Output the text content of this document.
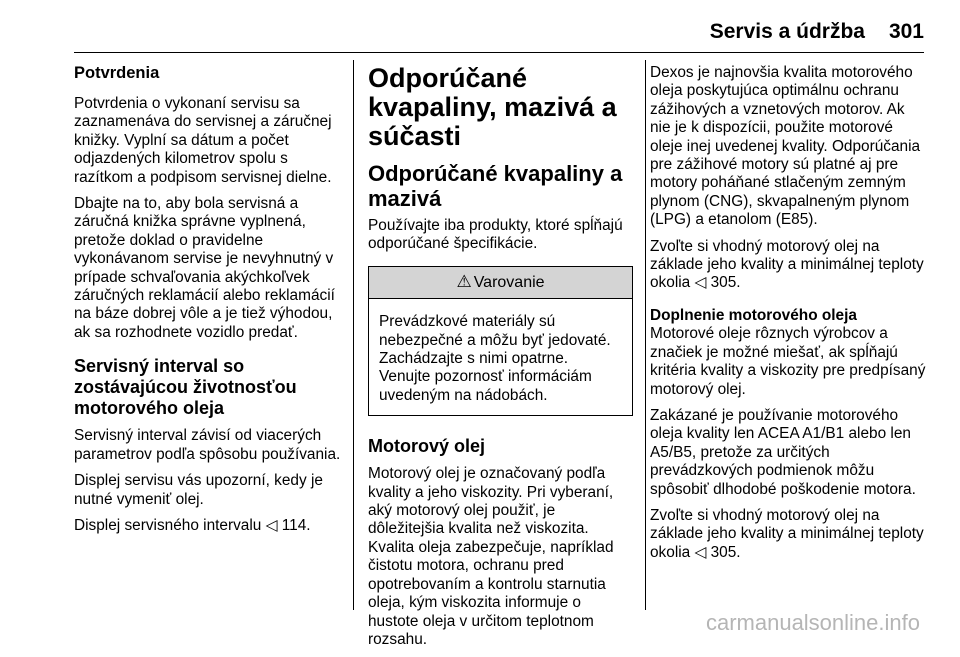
Servis a údržba 301
Potvrdenia

Potvrdenia o vykonaní servisu sa zaznamenáva do servisnej a záručnej knižky. Vyplní sa dátum a počet odjazdených kilometrov spolu s razítkom a podpisom servisnej dielne.

Dbajte na to, aby bola servisná a záručná knižka správne vyplnená, pretože doklad o pravidelne vykonávanom servise je nevyhnutný v prípade schvaľovania akýchkoľvek záručných reklamácií alebo reklamácií na báze dobrej vôle a je tiež výhodou, ak sa rozhodnete vozidlo predať.

Servisný interval so zostávajúcou životnosťou motorového oleja

Servisný interval závisí od viacerých parametrov podľa spôsobu používania.

Displej servisu vás upozorní, kedy je nutné vymeniť olej.

Displej servisného intervalu ◁ 114.

Odporúčané kvapaliny, mazivá a súčasti
Odporúčané kvapaliny a mazivá

Používajte iba produkty, ktoré spĺňajú odporúčané špecifikácie.

⚠ Varovanie
Prevádzkové materiály sú nebezpečné a môžu byť jedovaté. Zachádzajte s nimi opatrne. Venujte pozornosť informáciám uvedeným na nádobách.
Motorový olej

Motorový olej je označovaný podľa kvality a jeho viskozity. Pri vyberaní, aký motorový olej použiť, je dôležitejšia kvalita než viskozita. Kvalita oleja zabezpečuje, napríklad čistotu motora, ochranu pred opotrebovaním a kontrolu starnutia oleja, kým viskozita informuje o hustote oleja v určitom teplotnom rozsahu.

Dexos je najnovšia kvalita motorového oleja poskytujúca optimálnu ochranu zážihových a vznetových motorov. Ak nie je k dispozícii, použite motorové oleje inej uvedenej kvality. Odporúčania pre zážihové motory sú platné aj pre motory poháňané stlačeným zemným plynom (CNG), skvapalneným plynom (LPG) a etanolom (E85).

Zvoľte si vhodný motorový olej na základe jeho kvality a minimálnej teploty okolia ◁ 305.

Doplnenie motorového oleja

Motorové oleje rôznych výrobcov a značiek je možné miešať, ak spĺňajú kritéria kvality a viskozity pre predpísaný motorový olej.

Zakázané je používanie motorového oleja kvality len ACEA A1/B1 alebo len A5/B5, pretože za určitých prevádzkových podmienok môžu spôsobiť dlhodobé poškodenie motora.

Zvoľte si vhodný motorový olej na základe jeho kvality a minimálnej teploty okolia ◁ 305.

carmanualsonline.info
